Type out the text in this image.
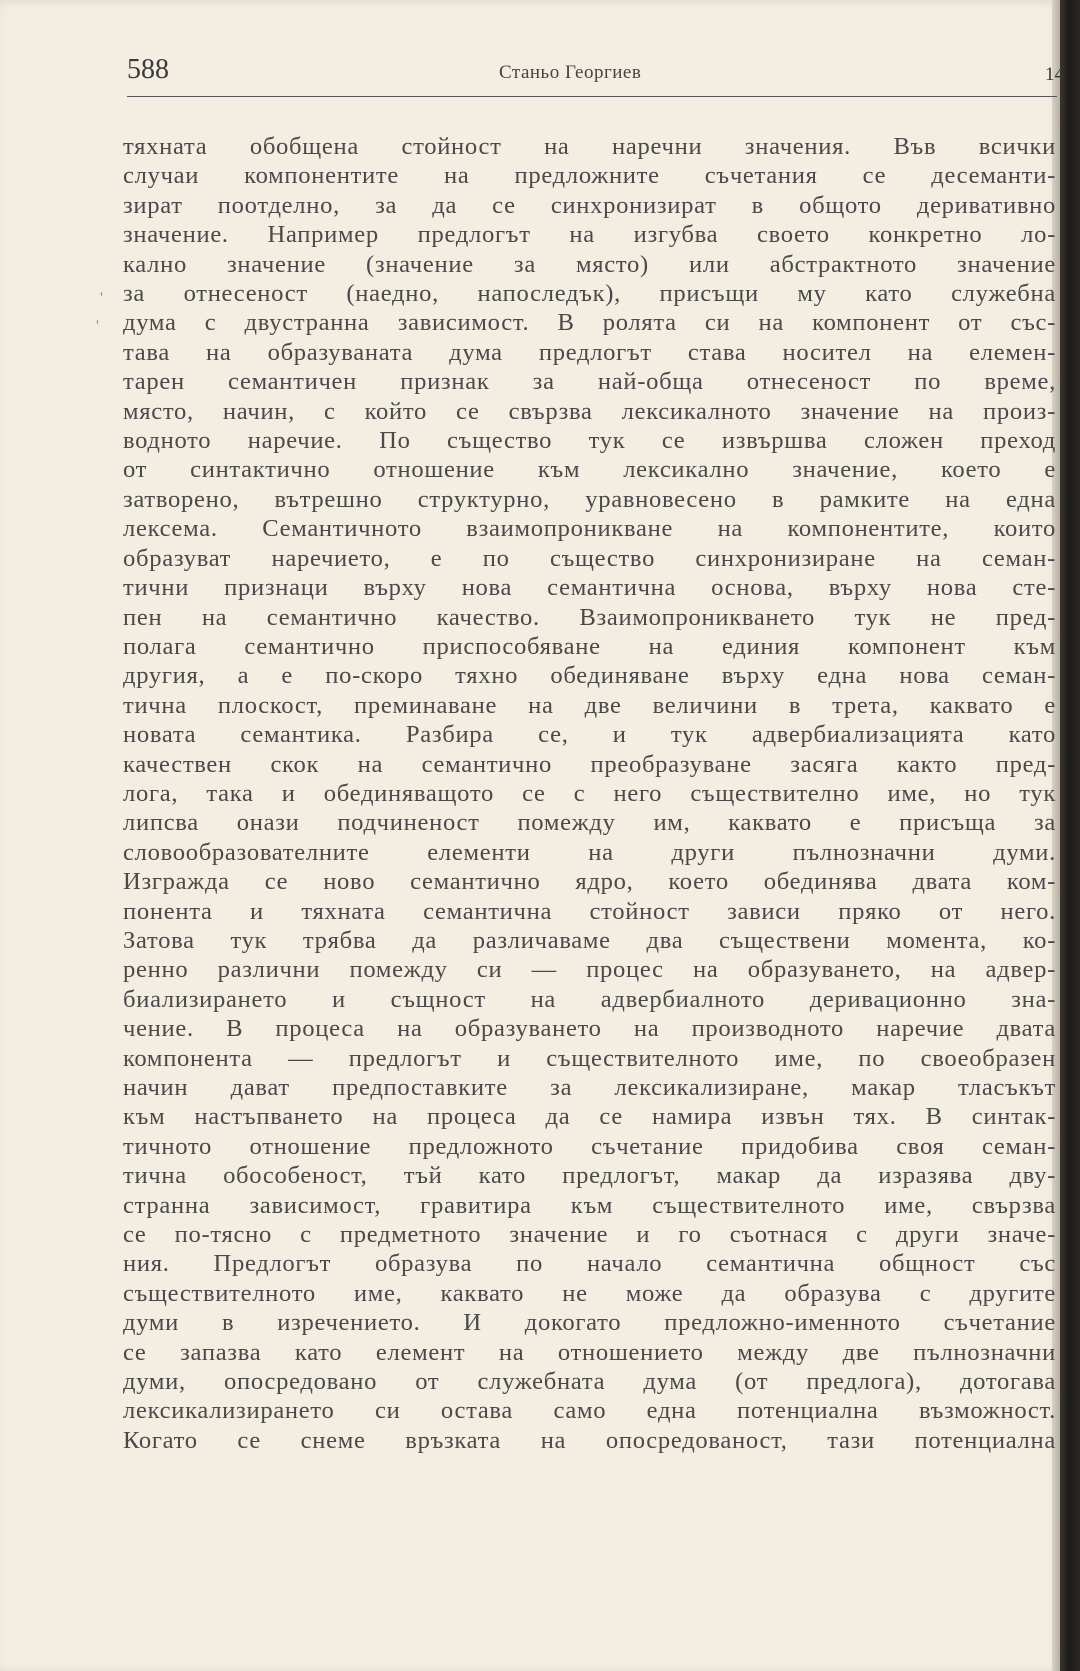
588	Станьо Георгиев	14
'
'
тяхната обобщена стойност на наречни значения. Във всички
случаи компонентите на предложните съчетания се десеманти-
зират поотделно, за да се синхронизират в общото деривативно
значение. Например предлогът на изгубва своето конкретно ло-
кално значение (значение за място) или абстрактното значение
за отнесеност (наедно, напоследък), присъщи му като служебна
дума с двустранна зависимост. В ролята си на компонент от със-
тава на образуваната дума предлогът става носител на елемен-
тарен семантичен признак за най-обща отнесеност по време,
място, начин, с който се свързва лексикалното значение на произ-
водното наречие. По същество тук се извършва сложен преход
от синтактично отношение към лексикално значение, което е
затворено, вътрешно структурно, уравновесено в рамките на една
лексема. Семантичното взаимопроникване на компонентите, които
образуват наречието, е по същество синхронизиране на семан-
тични признаци върху нова семантична основа, върху нова сте-
пен на семантично качество. Взаимопроникването тук не пред-
полага семантично приспособяване на единия компонент към
другия, а е по-скоро тяхно обединяване върху една нова семан-
тична плоскост, преминаване на две величини в трета, каквато е
новата семантика. Разбира се, и тук адвербиализацията като
качествен скок на семантично преобразуване засяга както пред-
лога, така и обединяващото се с него съществително име, но тук
липсва онази подчиненост помежду им, каквато е присъща за
словообразователните елементи на други пълнозначни думи.
Изгражда се ново семантично ядро, което обединява двата ком-
понента и тяхната семантична стойност зависи пряко от него.
Затова тук трябва да различаваме два съществени момента, ко-
ренно различни помежду си — процес на образуването, на адвер-
биализирането и същност на адвербиалното деривационно зна-
чение. В процеса на образуването на производното наречие двата
компонента — предлогът и съществителното име, по своеобразен
начин дават предпоставките за лексикализиране, макар тласъкът
към настъпването на процеса да се намира извън тях. В синтак-
тичното отношение предложното съчетание придобива своя семан-
тична обособеност, тъй като предлогът, макар да изразява дву-
странна зависимост, гравитира към съществителното име, свързва
се по-тясно с предметното значение и го съотнася с други значе-
ния. Предлогът образува по начало семантична общност със
съществителното име, каквато не може да образува с другите
думи в изречението. И докогато предложно-именното съчетание
се запазва като елемент на отношението между две пълнозначни
думи, опосредовано от служебната дума (от предлога), дотогава
лексикализирането си остава само една потенциална възможност.
Когато се снеме връзката на опосредованост, тази потенциална
